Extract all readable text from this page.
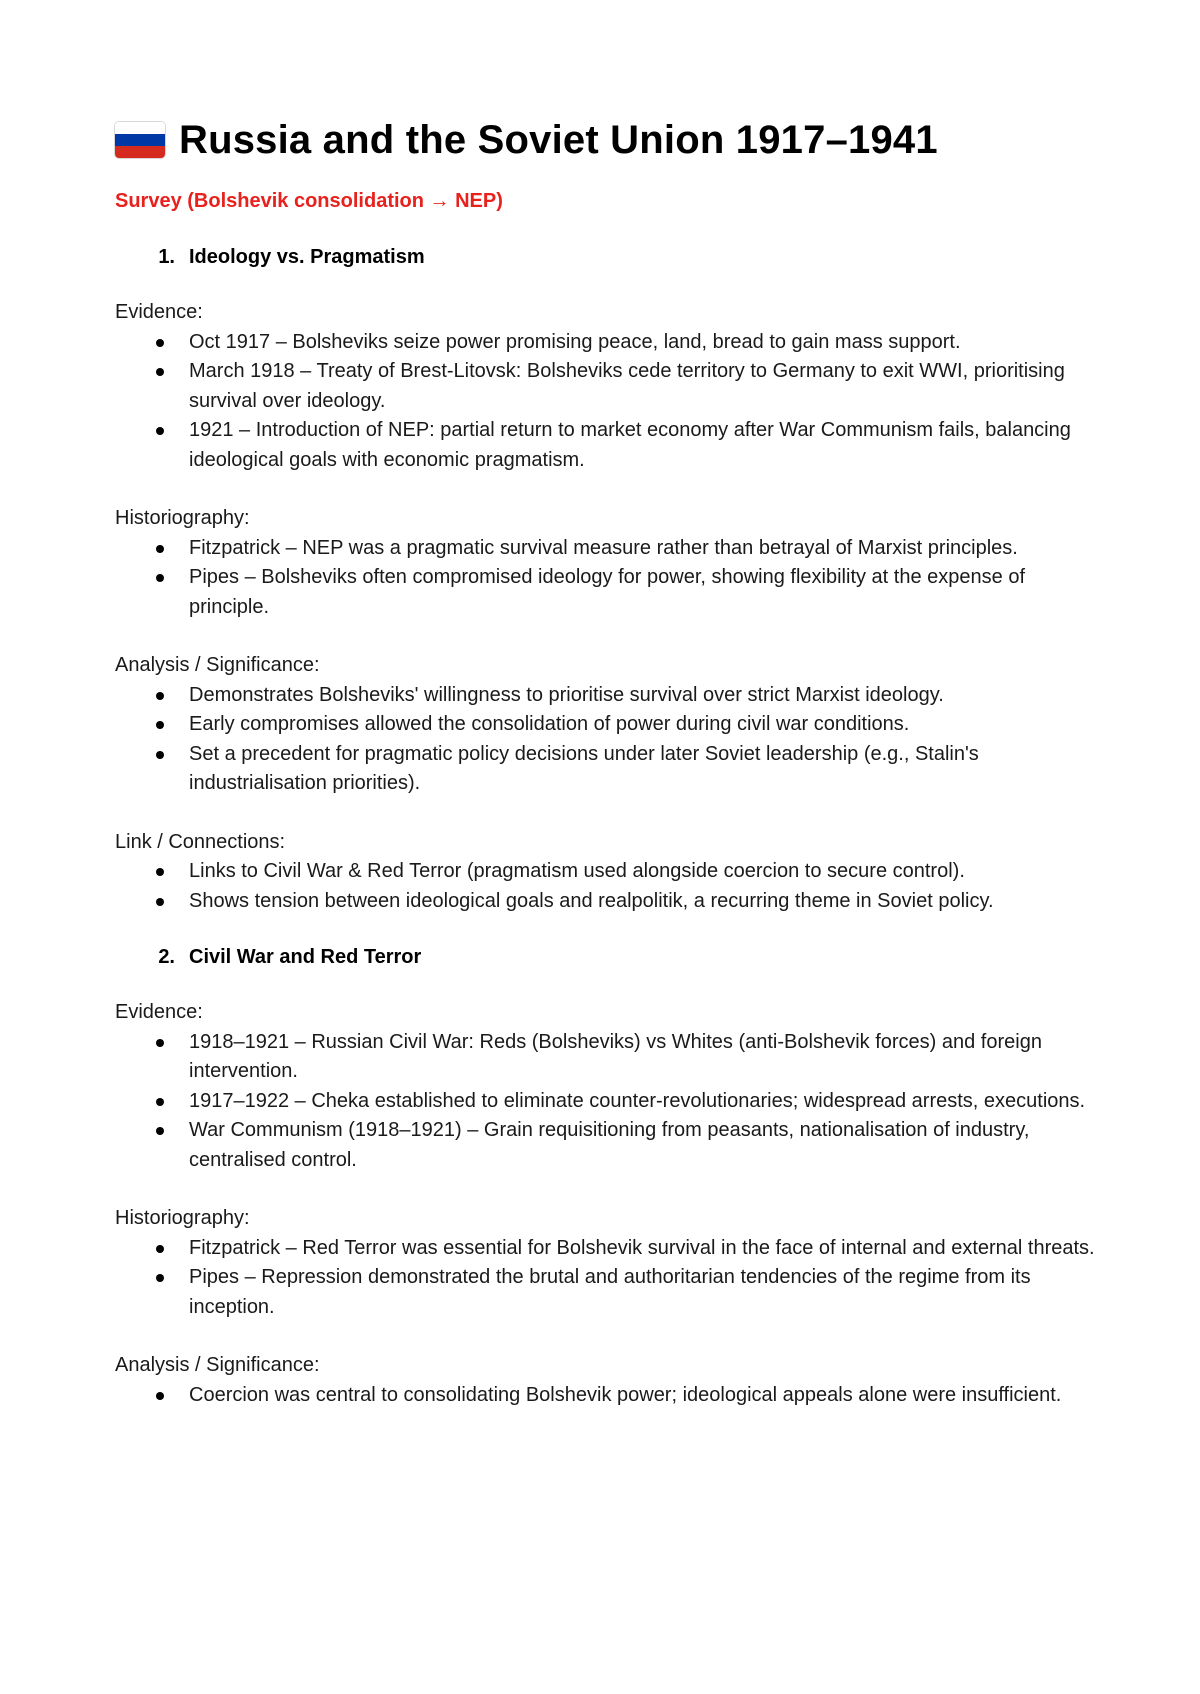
Russia and the Soviet Union 1917–1941
Survey (Bolshevik consolidation → NEP)
1. Ideology vs. Pragmatism
Evidence:
Oct 1917 – Bolsheviks seize power promising peace, land, bread to gain mass support.
March 1918 – Treaty of Brest-Litovsk: Bolsheviks cede territory to Germany to exit WWI, prioritising survival over ideology.
1921 – Introduction of NEP: partial return to market economy after War Communism fails, balancing ideological goals with economic pragmatism.
Historiography:
Fitzpatrick – NEP was a pragmatic survival measure rather than betrayal of Marxist principles.
Pipes – Bolsheviks often compromised ideology for power, showing flexibility at the expense of principle.
Analysis / Significance:
Demonstrates Bolsheviks' willingness to prioritise survival over strict Marxist ideology.
Early compromises allowed the consolidation of power during civil war conditions.
Set a precedent for pragmatic policy decisions under later Soviet leadership (e.g., Stalin's industrialisation priorities).
Link / Connections:
Links to Civil War & Red Terror (pragmatism used alongside coercion to secure control).
Shows tension between ideological goals and realpolitik, a recurring theme in Soviet policy.
2. Civil War and Red Terror
Evidence:
1918–1921 – Russian Civil War: Reds (Bolsheviks) vs Whites (anti-Bolshevik forces) and foreign intervention.
1917–1922 – Cheka established to eliminate counter-revolutionaries; widespread arrests, executions.
War Communism (1918–1921) – Grain requisitioning from peasants, nationalisation of industry, centralised control.
Historiography:
Fitzpatrick – Red Terror was essential for Bolshevik survival in the face of internal and external threats.
Pipes – Repression demonstrated the brutal and authoritarian tendencies of the regime from its inception.
Analysis / Significance:
Coercion was central to consolidating Bolshevik power; ideological appeals alone were insufficient.
